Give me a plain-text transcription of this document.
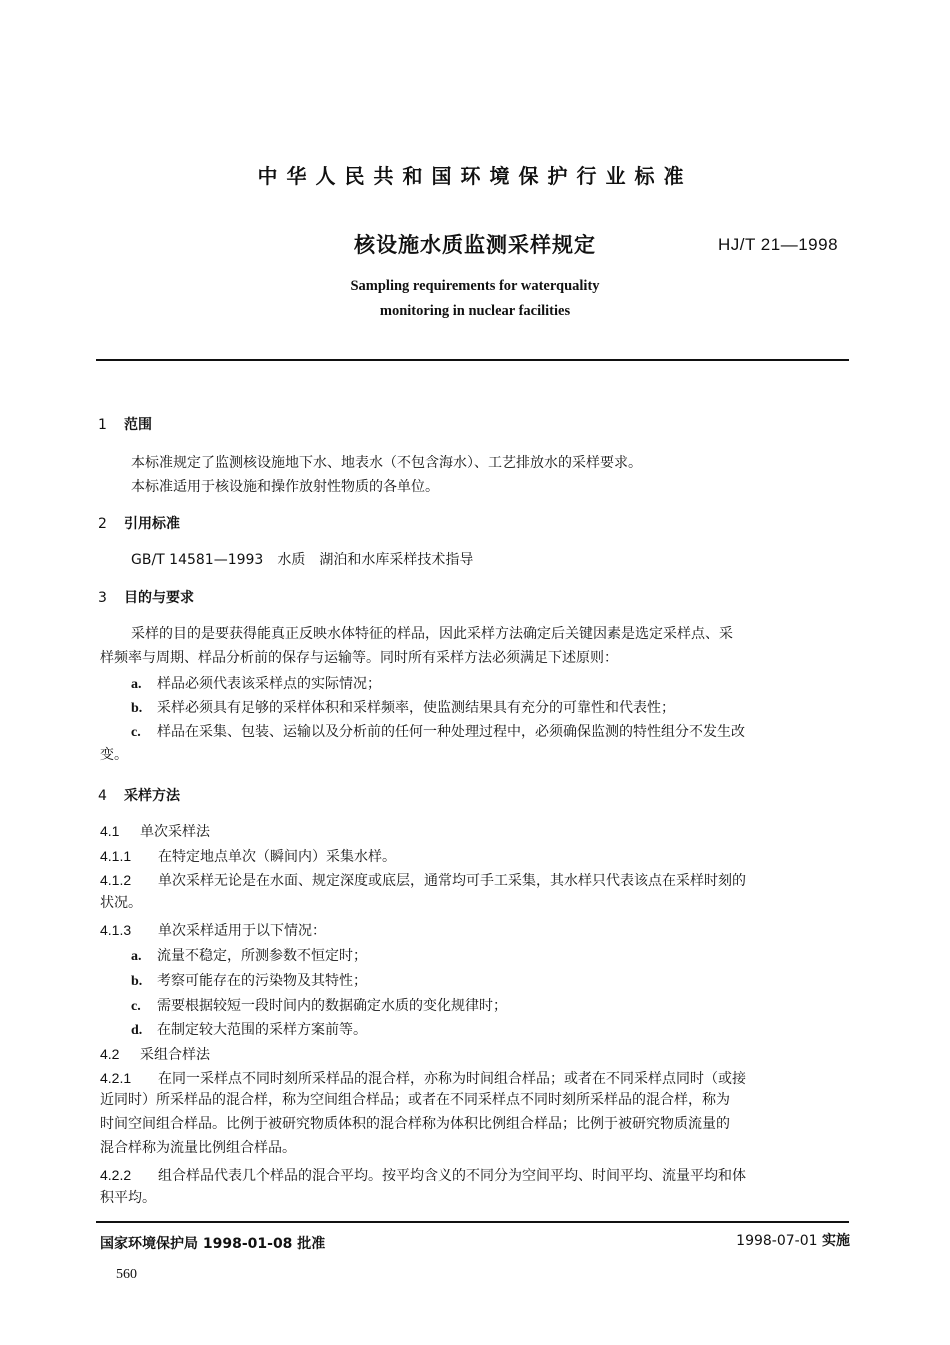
中华人民共和国环境保护行业标准
核设施水质监测采样规定	HJ/T 21—1998
Sampling requirements for waterquality
monitoring in nuclear facilities
1 范围
本标准规定了监测核设施地下水、地表水（不包含海水）、工艺排放水的采样要求。
本标准适用于核设施和操作放射性物质的各单位。
2 引用标准
GB/T 14581—1993　水质　湖泊和水库采样技术指导
3 目的与要求
采样的目的是要获得能真正反映水体特征的样品，因此采样方法确定后关键因素是选定采样点、采
样频率与周期、样品分析前的保存与运输等。同时所有采样方法必须满足下述原则：
a. 样品必须代表该采样点的实际情况；
b. 采样必须具有足够的采样体积和采样频率，使监测结果具有充分的可靠性和代表性；
c. 样品在采集、包装、运输以及分析前的任何一种处理过程中，必须确保监测的特性组分不发生改
变。
4 采样方法
4.1 单次采样法
4.1.1 在特定地点单次（瞬间内）采集水样。
4.1.2 单次采样无论是在水面、规定深度或底层，通常均可手工采集，其水样只代表该点在采样时刻的
状况。
4.1.3 单次采样适用于以下情况：
a. 流量不稳定，所测参数不恒定时；
b. 考察可能存在的污染物及其特性；
c. 需要根据较短一段时间内的数据确定水质的变化规律时；
d. 在制定较大范围的采样方案前等。
4.2 采组合样法
4.2.1 在同一采样点不同时刻所采样品的混合样，亦称为时间组合样品；或者在不同采样点同时（或接
近同时）所采样品的混合样，称为空间组合样品；或者在不同采样点不同时刻所采样品的混合样，称为
时间空间组合样品。比例于被研究物质体积的混合样称为体积比例组合样品；比例于被研究物质流量的
混合样称为流量比例组合样品。
4.2.2 组合样品代表几个样品的混合平均。按平均含义的不同分为空间平均、时间平均、流量平均和体
积平均。
国家环境保护局 1998-01-08 批准	1998-07-01 实施
560
